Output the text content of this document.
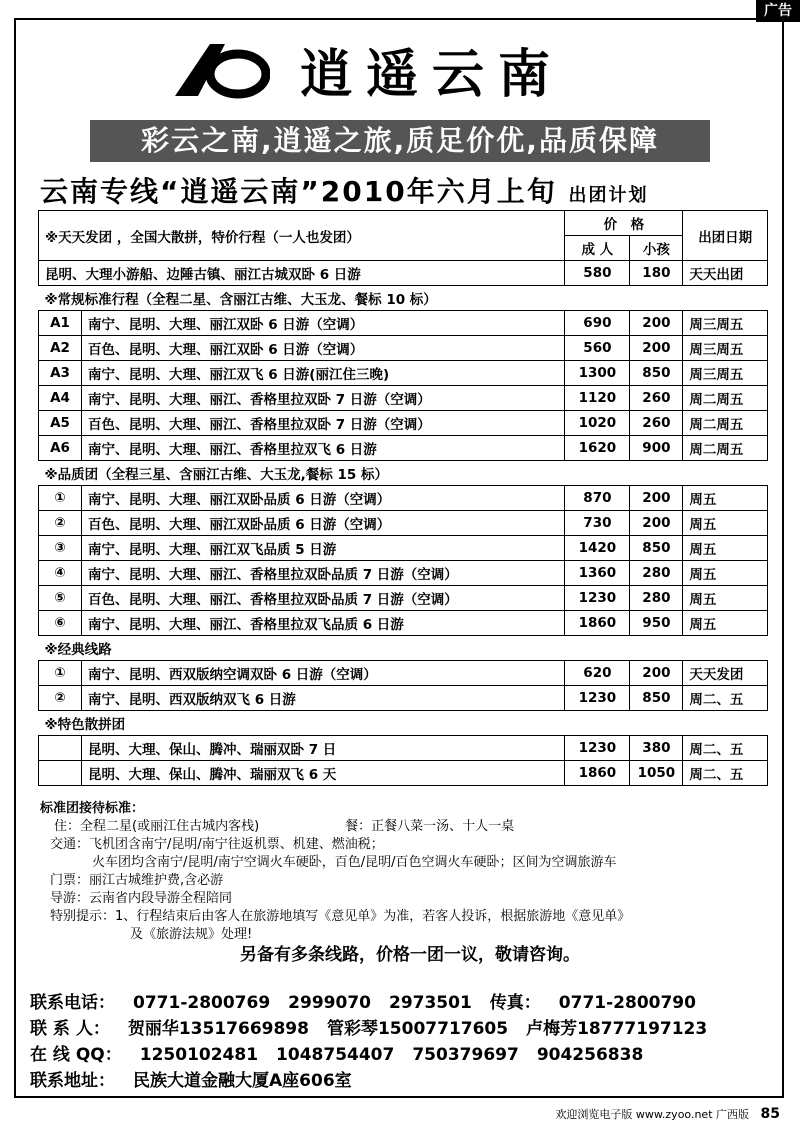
广告
逍遥云南
彩云之南,逍遥之旅,质足价优,品质保障
云南专线“逍遥云南”2010年六月上旬 出团计划
※天天发团 ，全国大散拼，特价行程（一人也发团）		价　格		出团日期
		成 人	小孩	
昆明、大理小游船、边陲古镇、丽江古城双卧 6 日游		580	180	天天出团
※常规标准行程（全程二星、含丽江古维、大玉龙、餐标 10 标）				
A1	南宁、昆明、大理、丽江双卧 6 日游（空调）	690	200	周三周五
A2	百色、昆明、大理、丽江双卧 6 日游（空调）	560	200	周三周五
A3	南宁、昆明、大理、丽江双飞 6 日游(丽江住三晚)	1300	850	周三周五
A4	南宁、昆明、大理、丽江、香格里拉双卧 7 日游（空调）	1120	260	周二周五
A5	百色、昆明、大理、丽江、香格里拉双卧 7 日游（空调）	1020	260	周二周五
A6	南宁、昆明、大理、丽江、香格里拉双飞 6 日游	1620	900	周二周五
※品质团（全程三星、含丽江古维、大玉龙,餐标 15 标）				
①	南宁、昆明、大理、丽江双卧品质 6 日游（空调）	870	200	周五
②	百色、昆明、大理、丽江双卧品质 6 日游（空调）	730	200	周五
③	南宁、昆明、大理、丽江双飞品质 5 日游	1420	850	周五
④	南宁、昆明、大理、丽江、香格里拉双卧品质 7 日游（空调）	1360	280	周五
⑤	百色、昆明、大理、丽江、香格里拉双卧品质 7 日游（空调）	1230	280	周五
⑥	南宁、昆明、大理、丽江、香格里拉双飞品质 6 日游	1860	950	周五
※经典线路				
①	南宁、昆明、西双版纳空调双卧 6 日游（空调）	620	200	天天发团
②	南宁、昆明、西双版纳双飞 6 日游	1230	850	周二、五
※特色散拼团				
	昆明、大理、保山、腾冲、瑞丽双卧 7 日	1230	380	周二、五
	昆明、大理、保山、腾冲、瑞丽双飞 6 天	1860	1050	周二、五
标准团接待标准：
住：全程二星(或丽江住古城内客栈)	餐：正餐八菜一汤、十人一桌
交通：飞机团含南宁/昆明/南宁往返机票、机建、燃油税；
火车团均含南宁/昆明/南宁空调火车硬卧，百色/昆明/百色空调火车硬卧；区间为空调旅游车
门票：丽江古城维护费,含必游
导游：云南省内段导游全程陪同
特别提示：1、行程结束后由客人在旅游地填写《意见单》为准，若客人投诉，根据旅游地《意见单》
及《旅游法规》处理!
另备有多条线路，价格一团一议，敬请咨询。
联系电话： 0771-2800769 2999070 2973501 传真： 0771-2800790
联 系 人： 贺丽华13517669898 管彩琴15007717605 卢梅芳18777197123
在 线 QQ： 1250102481 1048754407 750379697 904256838
联系地址： 民族大道金融大厦A座606室
欢迎浏览电子版 www.zyoo.net 广西版 85
